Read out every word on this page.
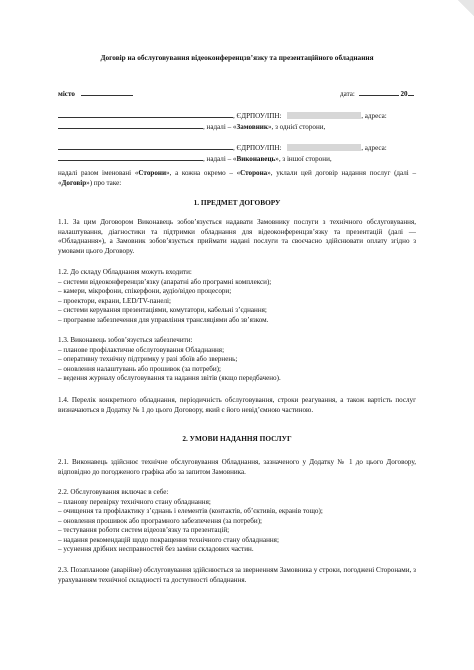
Договір на обслуговування відеоконференцзв’язку та презентаційного обладнання
місто	дата:	20
, ЄДРПОУ/ІПН:	, адреса:
, надалі – «Замовник», з однієї сторони,
, ЄДРПОУ/ІПН:	, адреса:
, надалі – «Виконавець», з іншої сторони,

надалі разом іменовані «Сторони», а кожна окремо – «Сторона», уклали цей договір надання послуг (далі – «Договір») про таке:

1. ПРЕДМЕТ ДОГОВОРУ

1.1. За цим Договором Виконавець зобов’язується надавати Замовнику послуги з технічного обслуговування, налаштування, діагностики та підтримки обладнання для відеоконференцзв’язку та презентацій (далі — «Обладнання»), а Замовник зобов’язується приймати надані послуги та своєчасно здійснювати оплату згідно з умовами цього Договору.

1.2. До складу Обладнання можуть входити:
– системи відеоконференцзв’язку (апаратні або програмні комплекси);
– камери, мікрофони, спікерфони, аудіо/відео процесори;
– проектори, екрани, LED/TV-панелі;
– системи керування презентаціями, комутатори, кабельні з’єднання;
– програмне забезпечення для управління трансляціями або зв’язком.
1.3. Виконавець зобов’язується забезпечити:
– планове профілактичне обслуговування Обладнання;
– оперативну технічну підтримку у разі збоїв або звернень;
– оновлення налаштувань або прошивок (за потреби);
– ведення журналу обслуговування та надання звітів (якщо передбачено).

1.4. Перелік конкретного обладнання, періодичність обслуговування, строки реагування, а також вартість послуг визначаються в Додатку № 1 до цього Договору, який є його невід’ємною частиною.

2. УМОВИ НАДАННЯ ПОСЛУГ

2.1. Виконавець здійснює технічне обслуговування Обладнання, зазначеного у Додатку № 1 до цього Договору, відповідно до погодженого графіка або за запитом Замовника.

2.2. Обслуговування включає в себе:
– планову перевірку технічного стану обладнання;
– очищення та профілактику з’єднань і елементів (контактів, об’єктивів, екранів тощо);
– оновлення прошивок або програмного забезпечення (за потреби);
– тестування роботи систем відеозв’язку та презентацій;
– надання рекомендацій щодо покращення технічного стану обладнання;
– усунення дрібних несправностей без заміни складових частин.

2.3. Позапланове (аварійне) обслуговування здійснюється за зверненням Замовника у строки, погоджені Сторонами, з урахуванням технічної складності та доступності обладнання.
